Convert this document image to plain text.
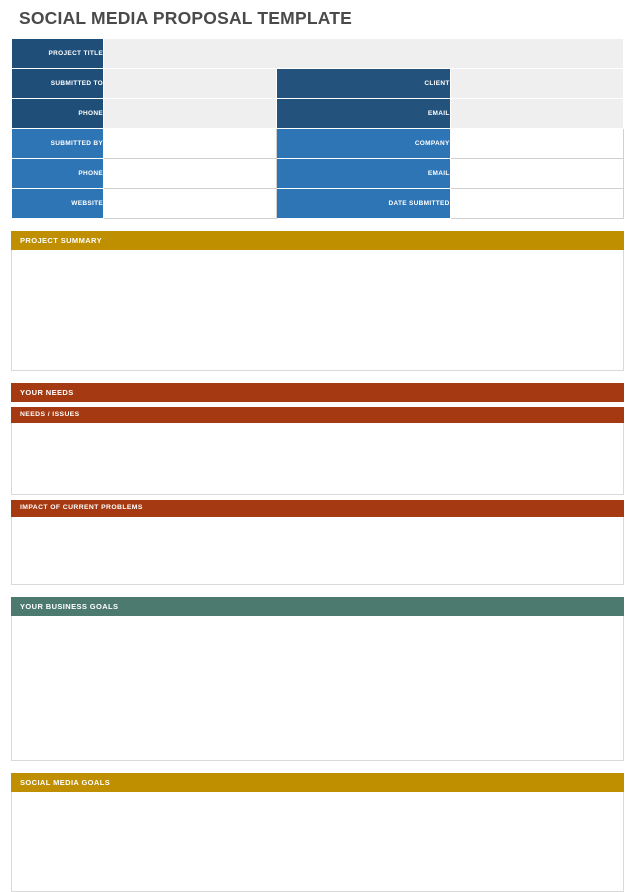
SOCIAL MEDIA PROPOSAL TEMPLATE
PROJECT TITLE			
SUBMITTED TO		CLIENT	
PHONE		EMAIL	
SUBMITTED BY		COMPANY	
PHONE		EMAIL	
WEBSITE		DATE SUBMITTED	
PROJECT SUMMARY
YOUR NEEDS
NEEDS / ISSUES
IMPACT OF CURRENT PROBLEMS
YOUR BUSINESS GOALS
SOCIAL MEDIA GOALS
